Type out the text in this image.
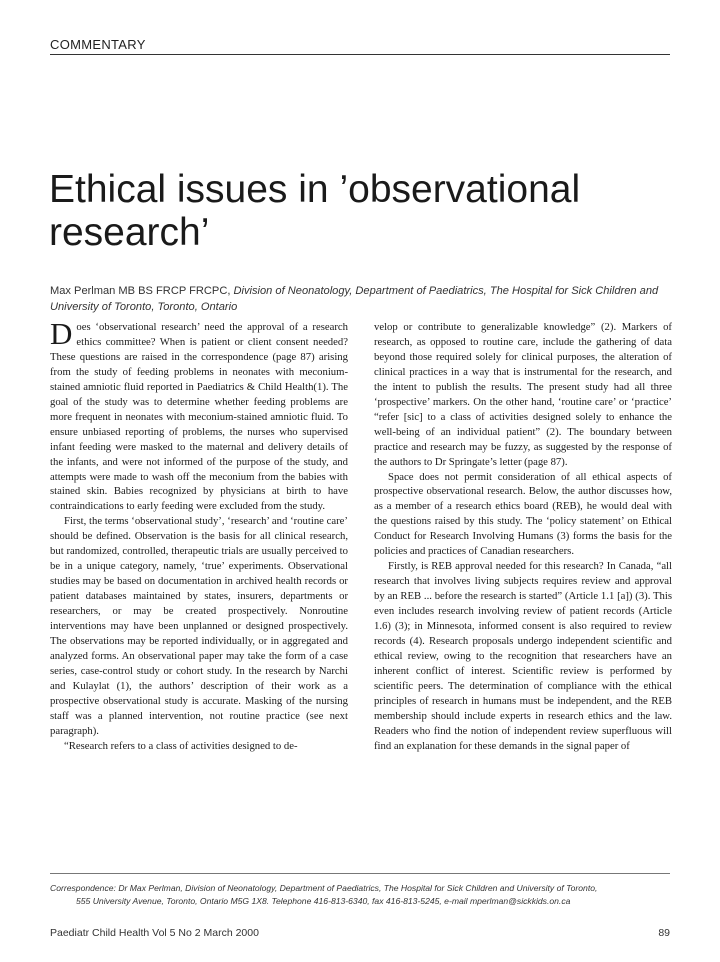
COMMENTARY
Ethical issues in ’observational research’
Max Perlman MB BS FRCP FRCPC, Division of Neonatology, Department of Paediatrics, The Hospital for Sick Children and University of Toronto, Toronto, Ontario

Does ‘observational research’ need the approval of a research ethics committee? When is patient or client consent needed? These questions are raised in the correspondence (page 87) arising from the study of feeding problems in neonates with meconium-stained amniotic fluid reported in Paediatrics & Child Health(1). The goal of the study was to determine whether feeding problems are more frequent in neonates with meconium-stained amniotic fluid. To ensure unbiased reporting of problems, the nurses who supervised infant feeding were masked to the maternal and delivery details of the infants, and were not informed of the purpose of the study, and attempts were made to wash off the meconium from the babies with stained skin. Babies recognized by physicians at birth to have contraindications to early feeding were excluded from the study.

First, the terms ‘observational study’, ‘research’ and ‘routine care’ should be defined. Observation is the basis for all clinical research, but randomized, controlled, therapeutic trials are usually perceived to be in a unique category, namely, ‘true’ experiments. Observational studies may be based on documentation in archived health records or patient databases maintained by states, insurers, departments or researchers, or may be created prospectively. Nonroutine interventions may have been unplanned or designed prospectively. The observations may be reported individually, or in aggregated and analyzed forms. An observational paper may take the form of a case series, case-control study or cohort study. In the research by Narchi and Kulaylat (1), the authors’ description of their work as a prospective observational study is accurate. Masking of the nursing staff was a planned intervention, not routine practice (see next paragraph).

“Research refers to a class of activities designed to de-

velop or contribute to generalizable knowledge” (2). Markers of research, as opposed to routine care, include the gathering of data beyond those required solely for clinical purposes, the alteration of clinical practices in a way that is instrumental for the research, and the intent to publish the results. The present study had all three ‘prospective’ markers. On the other hand, ‘routine care’ or ‘practice’ “refer [sic] to a class of activities designed solely to enhance the well-being of an individual patient” (2). The boundary between practice and research may be fuzzy, as suggested by the response of the authors to Dr Springate’s letter (page 87).

Space does not permit consideration of all ethical aspects of prospective observational research. Below, the author discusses how, as a member of a research ethics board (REB), he would deal with the questions raised by this study. The ‘policy statement’ on Ethical Conduct for Research Involving Humans (3) forms the basis for the policies and practices of Canadian researchers.

Firstly, is REB approval needed for this research? In Canada, “all research that involves living subjects requires review and approval by an REB ... before the research is started” (Article 1.1 [a]) (3). This even includes research involving review of patient records (Article 1.6) (3); in Minnesota, informed consent is also required to review records (4). Research proposals undergo independent scientific and ethical review, owing to the recognition that researchers have an inherent conflict of interest. Scientific review is performed by scientific peers. The determination of compliance with the ethical principles of research in humans must be independent, and the REB membership should include experts in research ethics and the law. Readers who find the notion of independent review superfluous will find an explanation for these demands in the signal paper of

Correspondence: Dr Max Perlman, Division of Neonatology, Department of Paediatrics, The Hospital for Sick Children and University of Toronto,
555 University Avenue, Toronto, Ontario M5G 1X8. Telephone 416-813-6340, fax 416-813-5245, e-mail mperlman@sickkids.on.ca
Paediatr Child Health Vol 5 No 2 March 2000	89
